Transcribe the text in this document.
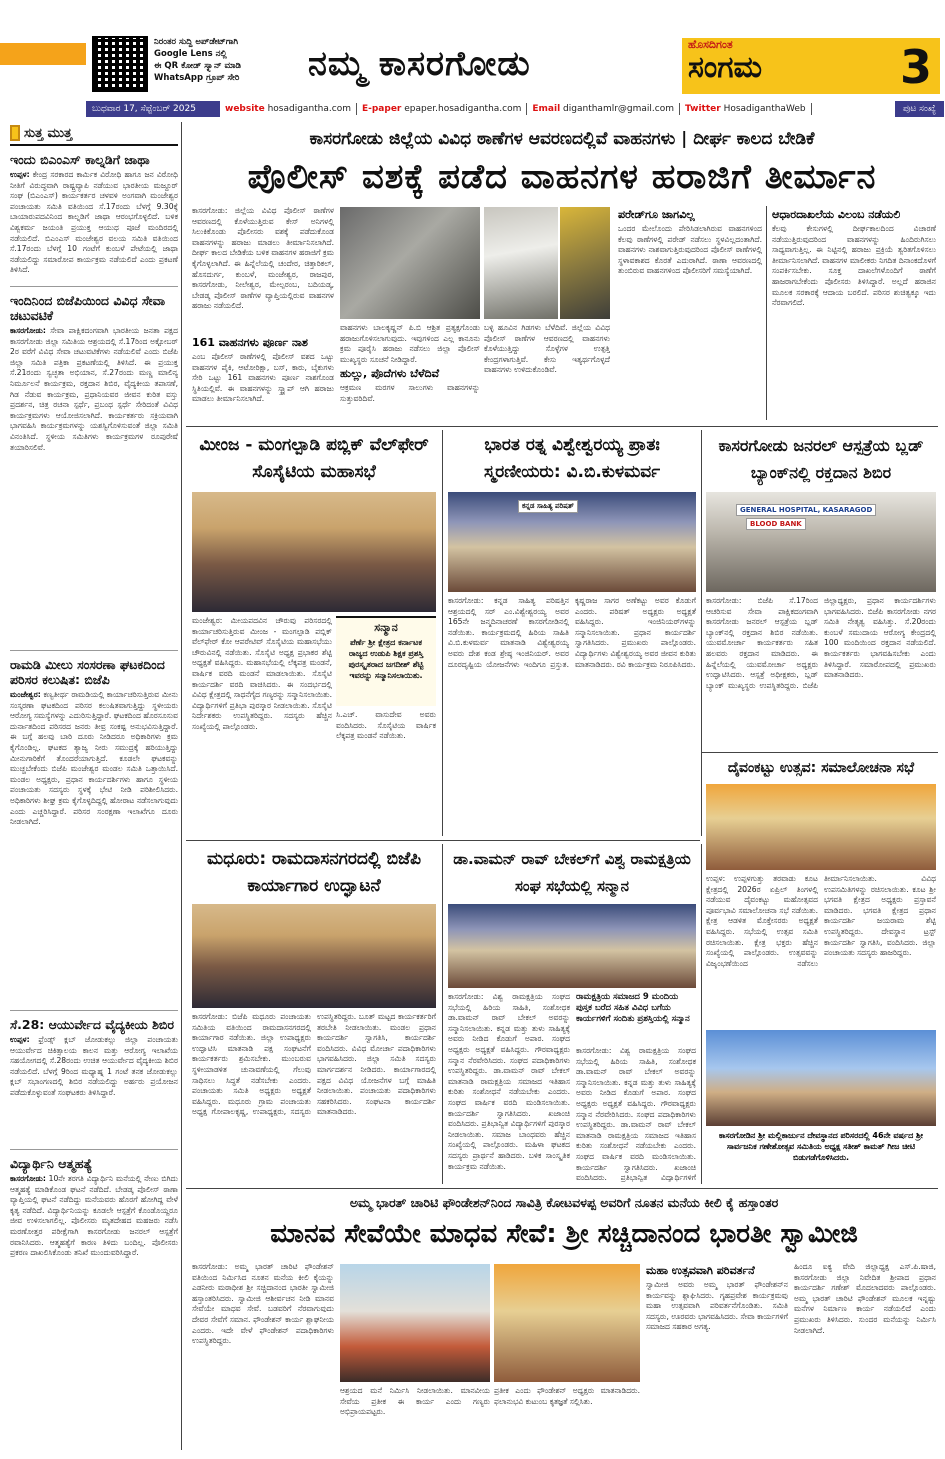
ನಿರಂತರ ಸುದ್ದಿ ಅಪ್‌ಡೇಟ್‌ಗಾಗಿ
Google Lens ನಲ್ಲಿ
ಈ QR ಕೋಡ್ ಸ್ಕ್ಯಾನ್ ಮಾಡಿ
WhatsApp ಗ್ರೂಪ್ ಸೇರಿ	ನಮ್ಮ ಕಾಸರಗೋಡು	ಹೊಸದಿಗಂತ
ಸಂಗಮ	3
ಬುಧವಾರ 17, ಸೆಪ್ಟೆಂಬರ್ 2025	website hosadigantha.com	E-paper epaper.hosadigantha.com	Email diganthamlr@gmail.com	Twitter HosadiganthaWeb	ಪುಟ ಸಂಖ್ಯೆ
ಸುತ್ತ ಮುತ್ತ
ಇಂದು ಬಿಎಂಎಸ್ ಕಾಲ್ನಡಿಗೆ ಜಾಥಾ

ಉಪ್ಪಳ: ಕೇಂದ್ರ ಸರಕಾರದ ಕಾರ್ಮಿಕ ವಿರೋಧಿ ಹಾಗೂ ಜನ ವಿರೋಧಿ ನೀತಿಗೆ ವಿರುದ್ಧವಾಗಿ ರಾಷ್ಟ್ರವ್ಯಾಪಿ ನಡೆಯುವ ಭಾರತೀಯ ಮಜ್ದೂರ್ ಸಂಘ (ಬಿಎಂಎಸ್) ಕಾರ್ಯಕರ್ತರ ಚಳವಳಿ ಅಂಗವಾಗಿ ಮಂಜೇಶ್ವರ ಪಂಚಾಯತು ಸಮಿತಿ ವತಿಯಿಂದ ಸೆ.17ರಂದು ಬೆಳಗ್ಗೆ 9.30ಕ್ಕೆ ಬಾಯಾರುಪದವಿನಿಂದ ಕಾಲ್ನಡಿಗೆ ಜಾಥಾ ಆರಂಭಗೊಳ್ಳಲಿದೆ. ಬಳಿಕ ವಿಶ್ವಕರ್ಮ ಜಯಂತಿ ಪ್ರಯುಕ್ತ ಆಯುಧ ಪೂಜೆ ಮಂದಿರದಲ್ಲಿ ನಡೆಯಲಿದೆ. ಬಿಎಂಎಸ್ ಮಂಜೇಶ್ವರ ವಲಯ ಸಮಿತಿ ವತಿಯಿಂದ ಸೆ.17ರಂದು ಬೆಳಗ್ಗೆ 10 ಗಂಟೆಗೆ ಕುಂಬಳೆ ಪೇಟೆಯಲ್ಲಿ ಜಾಥಾ ನಡೆಯಲಿದ್ದು ಸಮಾರೋಪ ಕಾರ್ಯಕ್ರಮ ನಡೆಯಲಿದೆ ಎಂದು ಪ್ರಕಟಣೆ ತಿಳಿಸಿದೆ.

ಇಂದಿನಿಂದ ಬಿಜೆಪಿಯಿಂದ ವಿವಿಧ ಸೇವಾ ಚಟುವಟಿಕೆ

ಕಾಸರಗೋಡು: ಸೇವಾ ಪಾಕ್ಷಿಕದಂಗವಾಗಿ ಭಾರತೀಯ ಜನತಾ ಪಕ್ಷದ ಕಾಸರಗೋಡು ಜಿಲ್ಲಾ ಸಮಿತಿಯ ಆಶ್ರಯದಲ್ಲಿ ಸೆ.17ರಿಂದ ಅಕ್ಟೋಬರ್ 2ರ ವರೆಗೆ ವಿವಿಧ ಸೇವಾ ಚಟುವಟಿಕೆಗಳು ನಡೆಯಲಿವೆ ಎಂದು ಬಿಜೆಪಿ ಜಿಲ್ಲಾ ಸಮಿತಿ ಪತ್ರಿಕಾ ಪ್ರಕಟಣೆಯಲ್ಲಿ ತಿಳಿಸಿದೆ. ಈ ಪ್ರಯುಕ್ತ ಸೆ.21ರಂದು ಸ್ವಚ್ಛತಾ ಅಭಿಯಾನ, ಸೆ.27ರಂದು ಮಣ್ಣ ಮಾಲಿನ್ಯ ನಿರ್ಮೂಲನೆ ಕಾರ್ಯಕ್ರಮ, ರಕ್ತದಾನ ಶಿಬಿರ, ವೈದ್ಯಕೀಯ ತಪಾಸಣೆ, ಗಿಡ ನೆಡುವ ಕಾರ್ಯಕ್ರಮ, ಪ್ರಧಾನಿಯವರ ಜೀವನ ಕುರಿತ ವಸ್ತು ಪ್ರದರ್ಶನ, ಚಿತ್ರ ರಚನಾ ಸ್ಪರ್ಧೆ, ಪ್ರಬಂಧ ಸ್ಪರ್ಧೆ ಸೇರಿದಂತೆ ವಿವಿಧ ಕಾರ್ಯಕ್ರಮಗಳು ಆಯೋಜಿಸಲಾಗಿದೆ. ಕಾರ್ಯಕರ್ತರು ಸಕ್ರಿಯವಾಗಿ ಭಾಗವಹಿಸಿ ಕಾರ್ಯಕ್ರಮಗಳನ್ನು ಯಶಸ್ವಿಗೊಳಿಸುವಂತೆ ಜಿಲ್ಲಾ ಸಮಿತಿ ವಿನಂತಿಸಿದೆ. ಸ್ಥಳೀಯ ಸಮಿತಿಗಳು ಕಾರ್ಯಕ್ರಮಗಳ ರೂಪುರೇಷೆ ತಯಾರಿಸಲಿವೆ.

ರಾಮಡಿ ಮೀಲು ಸಂಸರಣಾ ಘಟಕದಿಂದ ಪರಿಸರ ಕಲುಷಿತ: ಬಿಜೆಪಿ

ಮಂಜೇಶ್ವರ: ಕಣ್ವತೀರ್ಥ ರಾಮಡಿಯಲ್ಲಿ ಕಾರ್ಯಾಚರಿಸುತ್ತಿರುವ ಮೀನು ಸಂಸ್ಕರಣಾ ಘಟಕದಿಂದ ಪರಿಸರ ಕಲುಷಿತವಾಗುತ್ತಿದ್ದು ಸ್ಥಳೀಯರು ಆರೋಗ್ಯ ಸಮಸ್ಯೆಗಳನ್ನು ಎದುರಿಸುತ್ತಿದ್ದಾರೆ. ಘಟಕದಿಂದ ಹೊರಸೂಸುವ ದುರ್ನಾತದಿಂದ ಪರಿಸರದ ಜನರು ತೀವ್ರ ಸಂಕಷ್ಟ ಅನುಭವಿಸುತ್ತಿದ್ದಾರೆ. ಈ ಬಗ್ಗೆ ಹಲವು ಬಾರಿ ದೂರು ನೀಡಿದರೂ ಅಧಿಕಾರಿಗಳು ಕ್ರಮ ಕೈಗೊಂಡಿಲ್ಲ. ಘಟಕದ ತ್ಯಾಜ್ಯ ನೀರು ಸಮುದ್ರಕ್ಕೆ ಹರಿಯುತ್ತಿದ್ದು ಮೀನುಗಾರಿಕೆಗೆ ತೊಂದರೆಯಾಗುತ್ತಿದೆ. ಕೂಡಲೇ ಘಟಕವನ್ನು ಮುಚ್ಚಬೇಕೆಂದು ಬಿಜೆಪಿ ಮಂಜೇಶ್ವರ ಮಂಡಲ ಸಮಿತಿ ಒತ್ತಾಯಿಸಿದೆ. ಮಂಡಲ ಅಧ್ಯಕ್ಷರು, ಪ್ರಧಾನ ಕಾರ್ಯದರ್ಶಿಗಳು ಹಾಗೂ ಸ್ಥಳೀಯ ಪಂಚಾಯತು ಸದಸ್ಯರು ಸ್ಥಳಕ್ಕೆ ಭೇಟಿ ನೀಡಿ ಪರಿಶೀಲಿಸಿದರು. ಅಧಿಕಾರಿಗಳು ಶೀಘ್ರ ಕ್ರಮ ಕೈಗೊಳ್ಳದಿದ್ದಲ್ಲಿ ಹೋರಾಟ ನಡೆಸಲಾಗುವುದು ಎಂದು ಎಚ್ಚರಿಸಿದ್ದಾರೆ. ಪರಿಸರ ಸಂರಕ್ಷಣಾ ಇಲಾಖೆಗೂ ದೂರು ನೀಡಲಾಗಿದೆ.

ಸೆ.28: ಆಯುರ್ವೇದ ವೈದ್ಯಕೀಯ ಶಿಬಿರ

ಉಪ್ಪಳ: ಫ್ರೆಂಡ್ಸ್ ಕ್ಲಬ್ ಜೋಡುಕಲ್ಲು ಜಿಲ್ಲಾ ಪಂಚಾಯತು ಆಯುರ್ವೇದ ಚಿಕಿತ್ಸಾಲಯ ಕಾಲನ ಮತ್ತು ಆರೋಗ್ಯ ಇಲಾಖೆಯ ಸಹಯೋಗದಲ್ಲಿ ಸೆ.28ರಂದು ಉಚಿತ ಆಯುರ್ವೇದ ವೈದ್ಯಕೀಯ ಶಿಬಿರ ನಡೆಯಲಿದೆ. ಬೆಳಗ್ಗೆ 9ರಿಂದ ಮಧ್ಯಾಹ್ನ 1 ಗಂಟೆ ತನಕ ಜೋಡುಕಲ್ಲು ಕ್ಲಬ್ ಸಭಾಂಗಣದಲ್ಲಿ ಶಿಬಿರ ನಡೆಯಲಿದ್ದು ಅರ್ಹರು ಪ್ರಯೋಜನ ಪಡೆದುಕೊಳ್ಳುವಂತೆ ಸಂಘಟಕರು ತಿಳಿಸಿದ್ದಾರೆ.

ವಿದ್ಯಾರ್ಥಿನಿ ಆತ್ಮಹತ್ಯೆ

ಕಾಸರಗೋಡು: 10ನೇ ತರಗತಿ ವಿದ್ಯಾರ್ಥಿನಿ ಮನೆಯಲ್ಲಿ ನೇಣು ಬಿಗಿದು ಆತ್ಮಹತ್ಯೆ ಮಾಡಿಕೊಂಡ ಘಟನೆ ನಡೆದಿದೆ. ಬೇಡಡ್ಕ ಪೊಲೀಸ್ ಠಾಣಾ ವ್ಯಾಪ್ತಿಯಲ್ಲಿ ಘಟನೆ ನಡೆದಿದ್ದು ಮನೆಯವರು ಹೊರಗೆ ಹೋಗಿದ್ದ ವೇಳೆ ಕೃತ್ಯ ನಡೆದಿದೆ. ವಿದ್ಯಾರ್ಥಿನಿಯನ್ನು ಕೂಡಲೇ ಆಸ್ಪತ್ರೆಗೆ ಕೊಂಡೊಯ್ದರೂ ಜೀವ ಉಳಿಸಲಾಗಲಿಲ್ಲ. ಪೊಲೀಸರು ಮೃತದೇಹದ ಮಹಜರು ನಡೆಸಿ ಮರಣೋತ್ತರ ಪರೀಕ್ಷೆಗಾಗಿ ಕಾಸರಗೋಡು ಜನರಲ್ ಆಸ್ಪತ್ರೆಗೆ ರವಾನಿಸಿದರು. ಆತ್ಮಹತ್ಯೆಗೆ ಕಾರಣ ತಿಳಿದು ಬಂದಿಲ್ಲ. ಪೊಲೀಸರು ಪ್ರಕರಣ ದಾಖಲಿಸಿಕೊಂಡು ತನಿಖೆ ಮುಂದುವರಿಸಿದ್ದಾರೆ.

ಕಾಸರಗೋಡು ಜಿಲ್ಲೆಯ ವಿವಿಧ ಠಾಣೆಗಳ ಆವರಣದಲ್ಲಿವೆ ವಾಹನಗಳು | ದೀರ್ಘ ಕಾಲದ ಬೇಡಿಕೆ
ಪೊಲೀಸ್ ವಶಕ್ಕೆ ಪಡೆದ ವಾಹನಗಳ ಹರಾಜಿಗೆ ತೀರ್ಮಾನ
ಕಾಸರಗೋಡು: ಜಿಲ್ಲೆಯ ವಿವಿಧ ಪೊಲೀಸ್ ಠಾಣೆಗಳ ಆವರಣದಲ್ಲಿ ಕೊಳೆಯುತ್ತಿರುವ ಕೇಸ್ ಅನಿಗಳಲ್ಲಿ ಸಿಲುಕಿಕೊಂಡು ಪೊಲೀಸರು ವಶಕ್ಕೆ ಪಡೆದುಕೊಂಡ ವಾಹನಗಳನ್ನು ಹರಾಜು ಮಾಡಲು ತೀರ್ಮಾನಿಸಲಾಗಿದೆ. ದೀರ್ಘ ಕಾಲದ ಬೇಡಿಕೆಯ ಬಳಿಕ ವಾಹನಗಳ ಹರಾಜಿಗೆ ಕ್ರಮ ಕೈಗೊಳ್ಳಲಾಗಿದೆ. ಈ ಹಿನ್ನೆಲೆಯಲ್ಲಿ ಚಂದೇರ, ಚಿತ್ತಾರಿಕಲ್, ಹೊಸದುರ್ಗ, ಕುಂಬಳೆ, ಮಂಜೇಶ್ವರ, ರಾಜಪುರ, ಕಾಸರಗೋಡು, ನೀಲೇಶ್ವರ, ಮೇಲ್ಪರಂಬ, ಬದಿಯಡ್ಕ, ಬೇಡಡ್ಕ ಪೊಲೀಸ್ ಠಾಣೆಗಳ ವ್ಯಾಪ್ತಿಯಲ್ಲಿರುವ ವಾಹನಗಳ ಹರಾಜು ನಡೆಯಲಿದೆ.
161 ವಾಹನಗಳು ಪೂರ್ಣ ನಾಶ
ಎಂಬ ಪೊಲೀಸ್ ಠಾಣೆಗಳಲ್ಲಿ ಪೊಲೀಸ್ ವಶದ ಒಟ್ಟು ವಾಹನಗಳ ಪೈಕಿ, ಆಟೋರಿಕ್ಷಾ, ಬಸ್, ಕಾರು, ಬೈಕುಗಳು ಸೇರಿ ಒಟ್ಟು 161 ವಾಹನಗಳು ಪೂರ್ಣ ನಾಶಗೊಂಡ ಸ್ಥಿತಿಯಲ್ಲಿವೆ. ಈ ವಾಹನಗಳನ್ನು ಸ್ಕ್ರ್ಯಾಪ್ ಆಗಿ ಹರಾಜು ಮಾಡಲು ತೀರ್ಮಾನಿಸಲಾಗಿದೆ.
ವಾಹನಗಳು ಬಾಲಕೃಷ್ಣನ್ ಪಿ.ಬಿ ಆಶ್ರಿತ ಪ್ರತ್ಯಕ್ಷಗೊಂಡು ಹರಾಜುಗೊಳಿಸಲಾಗುವುದು. ಇವುಗಳಿಂದ ಎಲ್ಲ ಕಾನೂನು ಕ್ರಮ ಪೂರೈಸಿ ಹರಾಜು ನಡೆಸಲು ಜಿಲ್ಲಾ ಪೊಲೀಸ್ ಮುಖ್ಯಸ್ಥರು ಸೂಚನೆ ನೀಡಿದ್ದಾರೆ.
ಹುಲ್ಲು, ಪೊದೆಗಳು ಬೆಳೆದಿವೆ
ಆಕ್ರಮಣ ಮರಗಳ ಸಾಲುಗಳು ವಾಹನಗಳನ್ನು ಸುತ್ತುವರಿದಿವೆ.
ಬಳ್ಳಿ ಹೂವಿನ ಗಿಡಗಳು ಬೆಳೆದಿವೆ. ಜಿಲ್ಲೆಯ ವಿವಿಧ ಪೊಲೀಸ್ ಠಾಣೆಗಳ ಆವರಣದಲ್ಲಿ ವಾಹನಗಳು ಕೊಳೆಯುತ್ತಿದ್ದು ಸೊಳ್ಳೆಗಳ ಉತ್ಪತ್ತಿ ಕೇಂದ್ರಗಳಾಗುತ್ತಿವೆ. ಕೇಸು ಇತ್ಯರ್ಥಗೊಳ್ಳದೆ ವಾಹನಗಳು ಉಳಿದುಕೊಂಡಿವೆ.
ಪರೇಡ್‌ಗೂ ಜಾಗವಿಲ್ಲ
ಒಂದರ ಮೇಲೊಂದು ಪೇರಿಸಿಡಲಾಗಿರುವ ವಾಹನಗಳಿಂದ ಕೆಲವು ಠಾಣೆಗಳಲ್ಲಿ ಪರೇಡ್ ನಡೆಸಲು ಸ್ಥಳವಿಲ್ಲದಂತಾಗಿದೆ. ವಾಹನಗಳು ನಾಶವಾಗುತ್ತಿರುವುದರಿಂದ ಪೊಲೀಸ್ ಠಾಣೆಗಳಲ್ಲಿ ಸ್ಥಳಾವಕಾಶದ ಕೊರತೆ ಎದುರಾಗಿದೆ. ಠಾಣಾ ಆವರಣದಲ್ಲಿ ತುಂಬಿರುವ ವಾಹನಗಳಿಂದ ಪೊಲೀಸರಿಗೆ ಸಮಸ್ಯೆಯಾಗಿದೆ.
ಆಧಾರದಾಖಲೆಯ ವಿಲಂಬ ನಡೆಯಲಿ
ಕೆಲವು ಕೇಸುಗಳಲ್ಲಿ ದೀರ್ಘಕಾಲದಿಂದ ವಿಚಾರಣೆ ನಡೆಯುತ್ತಿರುವುದರಿಂದ ವಾಹನಗಳನ್ನು ಹಿಂದಿರುಗಿಸಲು ಸಾಧ್ಯವಾಗುತ್ತಿಲ್ಲ. ಈ ನಿಟ್ಟಿನಲ್ಲಿ ಹರಾಜು ಪ್ರಕ್ರಿಯೆ ತ್ವರಿತಗೊಳಿಸಲು ತೀರ್ಮಾನಿಸಲಾಗಿದೆ. ವಾಹನಗಳ ಮಾಲೀಕರು ನಿಗದಿತ ದಿನಾಂಕದೊಳಗೆ ಸಂಪರ್ಕಿಸಬೇಕು. ಸೂಕ್ತ ದಾಖಲೆಗಳೊಂದಿಗೆ ಠಾಣೆಗೆ ಹಾಜರಾಗಬೇಕೆಂದು ಪೊಲೀಸರು ತಿಳಿಸಿದ್ದಾರೆ. ಅಲ್ಲದೆ ಹರಾಜಿನ ಮೂಲಕ ಸರಕಾರಕ್ಕೆ ಆದಾಯ ಬರಲಿದೆ. ಪರಿಸರ ಶುಚಿತ್ವಕ್ಕೂ ಇದು ನೆರವಾಗಲಿದೆ.
ಮೀಂಜ - ಮಂಗಲ್ಪಾಡಿ ಪಬ್ಲಿಕ್ ವೆಲ್‌ಫೇರ್ ಸೊಸೈಟಿಯ ಮಹಾಸಭೆ
ಮಂಜೇಶ್ವರ: ಮೀಯಪದವಿನ ಚೌರುವು ಪರಿಸರದಲ್ಲಿ ಕಾರ್ಯಾಚರಿಸುತ್ತಿರುವ ಮೀಂಜ - ಮಂಗಲ್ಪಾಡಿ ಪಬ್ಲಿಕ್ ವೆಲ್‌ಫೇರ್ ಕೋ ಆಪರೇಟಿವ್ ಸೊಸೈಟಿಯ ಮಹಾಸಭೆಯು ಚೌರುವಿನಲ್ಲಿ ನಡೆಯಿತು. ಸೊಸೈಟಿ ಅಧ್ಯಕ್ಷ ಪ್ರಭಾಕರ ಶೆಟ್ಟಿ ಅಧ್ಯಕ್ಷತೆ ವಹಿಸಿದ್ದರು. ಮಹಾಸಭೆಯಲ್ಲಿ ಲೆಕ್ಕಪತ್ರ ಮಂಡನೆ, ವಾರ್ಷಿಕ ವರದಿ ಮಂಡನೆ ಮಾಡಲಾಯಿತು. ಸೊಸೈಟಿ ಕಾರ್ಯದರ್ಶಿ ವರದಿ ವಾಚಿಸಿದರು. ಈ ಸಂದರ್ಭದಲ್ಲಿ ವಿವಿಧ ಕ್ಷೇತ್ರದಲ್ಲಿ ಸಾಧನೆಗೈದ ಗಣ್ಯರನ್ನು ಸನ್ಮಾನಿಸಲಾಯಿತು. ವಿದ್ಯಾರ್ಥಿಗಳಿಗೆ ಪ್ರತಿಭಾ ಪುರಸ್ಕಾರ ನೀಡಲಾಯಿತು. ಸೊಸೈಟಿ ನಿರ್ದೇಶಕರು ಉಪಸ್ಥಿತರಿದ್ದರು. ಸದಸ್ಯರು ಹೆಚ್ಚಿನ ಸಂಖ್ಯೆಯಲ್ಲಿ ಪಾಲ್ಗೊಂಡರು.
ಸನ್ಮಾನ
ಪೆರ್ಣೆ ಶ್ರೀ ಕ್ಷೇತ್ರದ ಕರ್ನಾಟಕ ರಾಜ್ಯದ ಉಡುಪಿ ಶಿಕ್ಷಕ ಪ್ರಶಸ್ತಿ ಪುರಸ್ಕೃತರಾದ ಜಗದೀಶ್ ಶೆಟ್ಟಿ ಇವರನ್ನು ಸನ್ಮಾನಿಸಲಾಯಿತು.
ಸಿ.ಎಚ್. ವಾಸುದೇವ ಅವರು ವಂದಿಸಿದರು. ಸೊಸೈಟಿಯ ವಾರ್ಷಿಕ ಲೆಕ್ಕಪತ್ರ ಮಂಡನೆ ನಡೆಯಿತು.
ಭಾರತ ರತ್ನ ವಿಶ್ವೇಶ್ವರಯ್ಯ ಪ್ರಾತಃ ಸ್ಮರಣೀಯರು: ವಿ.ಬಿ.ಕುಳಮರ್ವ
ಕನ್ನಡ ಸಾಹಿತ್ಯ ಪರಿಷತ್
ಕಾಸರಗೋಡು: ಕನ್ನಡ ಸಾಹಿತ್ಯ ಪರಿಷತ್ತಿನ ಆಶ್ರಯದಲ್ಲಿ ಸರ್ ಎಂ.ವಿಶ್ವೇಶ್ವರಯ್ಯ ಅವರ 165ನೇ ಜನ್ಮದಿನಾಚರಣೆ ಕಾಸರಗೋಡಿನಲ್ಲಿ ನಡೆಯಿತು. ಕಾರ್ಯಕ್ರಮದಲ್ಲಿ ಹಿರಿಯ ಸಾಹಿತಿ ವಿ.ಬಿ.ಕುಳಮರ್ವ ಮಾತನಾಡಿ ವಿಶ್ವೇಶ್ವರಯ್ಯ ಅವರು ದೇಶ ಕಂಡ ಶ್ರೇಷ್ಠ ಇಂಜಿನಿಯರ್. ಅವರ ದೂರದೃಷ್ಟಿಯ ಯೋಜನೆಗಳು ಇಂದಿಗೂ ಪ್ರಸ್ತುತ. ಕೃಷ್ಣರಾಜ ಸಾಗರ ಅಣೆಕಟ್ಟು ಅವರ ಕೊಡುಗೆ ಎಂದರು. ಪರಿಷತ್ ಅಧ್ಯಕ್ಷರು ಅಧ್ಯಕ್ಷತೆ ವಹಿಸಿದ್ದರು. ಇಂಜಿನಿಯರ್‌ಗಳನ್ನು ಸನ್ಮಾನಿಸಲಾಯಿತು. ಪ್ರಧಾನ ಕಾರ್ಯದರ್ಶಿ ಸ್ವಾಗತಿಸಿದರು. ಪ್ರಮುಖರು ಪಾಲ್ಗೊಂಡರು. ವಿದ್ಯಾರ್ಥಿಗಳು ವಿಶ್ವೇಶ್ವರಯ್ಯ ಅವರ ಜೀವನ ಕುರಿತು ಮಾತನಾಡಿದರು. ರವಿ ಕಾರ್ಯಕ್ರಮ ನಿರೂಪಿಸಿದರು.
ಕಾಸರಗೋಡು ಜನರಲ್ ಆಸ್ಪತ್ರೆಯ ಬ್ಲಡ್ ಬ್ಯಾಂಕ್‌ನಲ್ಲಿ ರಕ್ತದಾನ ಶಿಬಿರ
GENERAL HOSPITAL, KASARAGOD
BLOOD BANK
ಕಾಸರಗೋಡು: ಬಿಜೆಪಿ ಸೆ.17ರಿಂದ ಆಚರಿಸುವ ಸೇವಾ ಪಾಕ್ಷಿಕದಂಗವಾಗಿ ಕಾಸರಗೋಡು ಜನರಲ್ ಆಸ್ಪತ್ರೆಯ ಬ್ಲಡ್ ಬ್ಯಾಂಕ್‌ನಲ್ಲಿ ರಕ್ತದಾನ ಶಿಬಿರ ನಡೆಯಿತು. ಯುವಮೋರ್ಚಾ ಕಾರ್ಯಕರ್ತರು ಸಹಿತ ಹಲವರು ರಕ್ತದಾನ ಮಾಡಿದರು. ಈ ಹಿನ್ನೆಲೆಯಲ್ಲಿ ಯುವಮೋರ್ಚಾ ಅಧ್ಯಕ್ಷರು ಉದ್ಘಾಟಿಸಿದರು. ಆಸ್ಪತ್ರೆ ಅಧೀಕ್ಷಕರು, ಬ್ಲಡ್ ಬ್ಯಾಂಕ್ ಮುಖ್ಯಸ್ಥರು ಉಪಸ್ಥಿತರಿದ್ದರು. ಬಿಜೆಪಿ ಜಿಲ್ಲಾಧ್ಯಕ್ಷರು, ಪ್ರಧಾನ ಕಾರ್ಯದರ್ಶಿಗಳು ಭಾಗವಹಿಸಿದರು. ಬಿಜೆಪಿ ಕಾಸರಗೋಡು ನಗರ ಸಮಿತಿ ನೇತೃತ್ವ ವಹಿಸಿತ್ತು. ಸೆ.20ರಂದು ಕುಂಬಳೆ ಸಮುದಾಯ ಆರೋಗ್ಯ ಕೇಂದ್ರದಲ್ಲಿ 100 ಮಂದಿಯಿಂದ ರಕ್ತದಾನ ನಡೆಯಲಿದೆ. ಕಾರ್ಯಕರ್ತರು ಭಾಗವಹಿಸಬೇಕು ಎಂದು ತಿಳಿಸಿದ್ದಾರೆ. ಸಮಾರೋಪದಲ್ಲಿ ಪ್ರಮುಖರು ಮಾತನಾಡಿದರು.
ದೈವಂಕಟ್ಟು ಉತ್ಸವ: ಸಮಾಲೋಚನಾ ಸಭೆ
ಉಪ್ಪಳ: ಉಪ್ಪಳಗುತ್ತು ತರವಾಡು ಕೂಟ ಕ್ಷೇತ್ರದಲ್ಲಿ 2026ರ ಏಪ್ರಿಲ್ ತಿಂಗಳಲ್ಲಿ ನಡೆಯುವ ದೈವಂಕಟ್ಟು ಮಹೋತ್ಸವದ ಪೂರ್ವಭಾವಿ ಸಮಾಲೋಚನಾ ಸಭೆ ನಡೆಯಿತು. ಕ್ಷೇತ್ರ ಆಡಳಿತ ಮೊಕ್ತೇಸರರು ಅಧ್ಯಕ್ಷತೆ ವಹಿಸಿದ್ದರು. ಸಭೆಯಲ್ಲಿ ಉತ್ಸವ ಸಮಿತಿ ರಚಿಸಲಾಯಿತು. ಕ್ಷೇತ್ರ ಭಕ್ತರು ಹೆಚ್ಚಿನ ಸಂಖ್ಯೆಯಲ್ಲಿ ಪಾಲ್ಗೊಂಡರು. ಉತ್ಸವವನ್ನು ವಿಜೃಂಭಣೆಯಿಂದ ನಡೆಸಲು ತೀರ್ಮಾನಿಸಲಾಯಿತು. ವಿವಿಧ ಉಪಸಮಿತಿಗಳನ್ನು ರಚಿಸಲಾಯಿತು. ಕೂಟ ಶ್ರೀ ಭಗವತಿ ಕ್ಷೇತ್ರದ ಅಧ್ಯಕ್ಷರು ಪ್ರಸ್ತಾವನೆ ಮಾಡಿದರು. ಭಗವತಿ ಕ್ಷೇತ್ರದ ಪ್ರಧಾನ ಕಾರ್ಯದರ್ಶಿ ಜಯರಾಮ ಶೆಟ್ಟಿ ಉಪಸ್ಥಿತರಿದ್ದರು. ದೇವಸ್ಥಾನ ಟ್ರಸ್ಟ್ ಕಾರ್ಯದರ್ಶಿ ಸ್ವಾಗತಿಸಿ, ವಂದಿಸಿದರು. ಜಿಲ್ಲಾ ಪಂಚಾಯತು ಸದಸ್ಯರು ಹಾಜರಿದ್ದರು.
ಕಾಸರಗೋಡಿನ ಶ್ರೀ ಮಲ್ಲಿಕಾರ್ಜುನ ದೇವಸ್ಥಾನದ ಪರಿಸರದಲ್ಲಿ 46ನೇ ವರ್ಷದ ಶ್ರೀ ಸಾರ್ವಜನಿಕ ಗಣೇಶೋತ್ಸವ ಸಮಿತಿಯ ಅಧ್ಯಕ್ಷ ಸತೀಶ್ ಕಾಮತ್ ಗೀಜ ಚೀಟಿ ಬಿಡುಗಡೆಗೊಳಿಸಿದರು.
ಮಧೂರು: ರಾಮದಾಸನಗರದಲ್ಲಿ ಬಿಜೆಪಿ ಕಾರ್ಯಾಗಾರ ಉದ್ಘಾಟನೆ
ಕಾಸರಗೋಡು: ಬಿಜೆಪಿ ಮಧೂರು ಪಂಚಾಯತು ಸಮಿತಿಯ ವತಿಯಿಂದ ರಾಮದಾಸನಗರದಲ್ಲಿ ಕಾರ್ಯಾಗಾರ ನಡೆಯಿತು. ಜಿಲ್ಲಾ ಉಪಾಧ್ಯಕ್ಷರು ಉದ್ಘಾಟಿಸಿ ಮಾತನಾಡಿ ಪಕ್ಷ ಸಂಘಟನೆಗೆ ಕಾರ್ಯಕರ್ತರು ಶ್ರಮಿಸಬೇಕು. ಮುಂಬರುವ ಸ್ಥಳೀಯಾಡಳಿತ ಚುನಾವಣೆಯಲ್ಲಿ ಗೆಲುವು ಸಾಧಿಸಲು ಸಿದ್ಧತೆ ನಡೆಸಬೇಕು ಎಂದರು. ಪಂಚಾಯತು ಸಮಿತಿ ಅಧ್ಯಕ್ಷರು ಅಧ್ಯಕ್ಷತೆ ವಹಿಸಿದ್ದರು. ಮಧೂರು ಗ್ರಾಮ ಪಂಚಾಯತು ಅಧ್ಯಕ್ಷ ಗೋಪಾಲಕೃಷ್ಣ, ಉಪಾಧ್ಯಕ್ಷರು, ಸದಸ್ಯರು ಉಪಸ್ಥಿತರಿದ್ದರು. ಬೂತ್ ಮಟ್ಟದ ಕಾರ್ಯಕರ್ತರಿಗೆ ತರಬೇತಿ ನೀಡಲಾಯಿತು. ಮಂಡಲ ಪ್ರಧಾನ ಕಾರ್ಯದರ್ಶಿ ಸ್ವಾಗತಿಸಿ, ಕಾರ್ಯದರ್ಶಿ ವಂದಿಸಿದರು. ವಿವಿಧ ಮೋರ್ಚಾ ಪದಾಧಿಕಾರಿಗಳು ಭಾಗವಹಿಸಿದರು. ಜಿಲ್ಲಾ ಸಮಿತಿ ಸದಸ್ಯರು ಮಾರ್ಗದರ್ಶನ ನೀಡಿದರು. ಕಾರ್ಯಾಗಾರದಲ್ಲಿ ಪಕ್ಷದ ವಿವಿಧ ಯೋಜನೆಗಳ ಬಗ್ಗೆ ಮಾಹಿತಿ ನೀಡಲಾಯಿತು. ಪಂಚಾಯತು ಪದಾಧಿಕಾರಿಗಳು ಸಹಕರಿಸಿದರು. ಸಂಘಟನಾ ಕಾರ್ಯದರ್ಶಿ ಮಾತನಾಡಿದರು.
ಡಾ.ವಾಮನ್ ರಾವ್ ಬೇಕಲ್‌ಗೆ ವಿಶ್ವ ರಾಮಕ್ಷತ್ರಿಯ ಸಂಘ ಸಭೆಯಲ್ಲಿ ಸನ್ಮಾನ
ಕಾಸರಗೋಡು: ವಿಶ್ವ ರಾಮಕ್ಷತ್ರಿಯ ಸಂಘದ ಸಭೆಯಲ್ಲಿ ಹಿರಿಯ ಸಾಹಿತಿ, ಸಂಶೋಧಕ ಡಾ.ವಾಮನ್ ರಾವ್ ಬೇಕಲ್ ಅವರನ್ನು ಸನ್ಮಾನಿಸಲಾಯಿತು. ಕನ್ನಡ ಮತ್ತು ತುಳು ಸಾಹಿತ್ಯಕ್ಕೆ ಅವರು ನೀಡಿದ ಕೊಡುಗೆ ಅಪಾರ. ಸಂಘದ ಅಧ್ಯಕ್ಷರು ಅಧ್ಯಕ್ಷತೆ ವಹಿಸಿದ್ದರು. ಗೌರವಾಧ್ಯಕ್ಷರು ಸನ್ಮಾನ ನೆರವೇರಿಸಿದರು. ಸಂಘದ ಪದಾಧಿಕಾರಿಗಳು ಉಪಸ್ಥಿತರಿದ್ದರು. ಡಾ.ವಾಮನ್ ರಾವ್ ಬೇಕಲ್ ಮಾತನಾಡಿ ರಾಮಕ್ಷತ್ರಿಯ ಸಮಾಜದ ಇತಿಹಾಸ ಕುರಿತು ಸಂಶೋಧನೆ ನಡೆಯಬೇಕು ಎಂದರು. ಸಂಘದ ವಾರ್ಷಿಕ ವರದಿ ಮಂಡಿಸಲಾಯಿತು. ಕಾರ್ಯದರ್ಶಿ ಸ್ವಾಗತಿಸಿದರು. ಖಜಾಂಚಿ ವಂದಿಸಿದರು. ಪ್ರತಿಭಾನ್ವಿತ ವಿದ್ಯಾರ್ಥಿಗಳಿಗೆ ಪುರಸ್ಕಾರ ನೀಡಲಾಯಿತು. ಸಮಾಜ ಬಾಂಧವರು ಹೆಚ್ಚಿನ ಸಂಖ್ಯೆಯಲ್ಲಿ ಪಾಲ್ಗೊಂಡರು. ಮಹಿಳಾ ಘಟಕದ ಸದಸ್ಯರು ಪ್ರಾರ್ಥನೆ ಹಾಡಿದರು. ಬಳಿಕ ಸಾಂಸ್ಕೃತಿಕ ಕಾರ್ಯಕ್ರಮ ನಡೆಯಿತು.
ರಾಮಕ್ಷತ್ರಿಯ ಸಮಾಜದ 9 ಮಂದಿಯ ಪುಸ್ತಕ ಬರೆದ ಸಹಿತ ವಿವಿಧ ಬಗೆಯ ಕಾರ್ಯಗಳಿಗೆ ಸಂದಿತು ಪ್ರಶಸ್ತಿಯಲ್ಲಿ ಸನ್ಮಾನ
ಕಾಸರಗೋಡು: ವಿಶ್ವ ರಾಮಕ್ಷತ್ರಿಯ ಸಂಘದ ಸಭೆಯಲ್ಲಿ ಹಿರಿಯ ಸಾಹಿತಿ, ಸಂಶೋಧಕ ಡಾ.ವಾಮನ್ ರಾವ್ ಬೇಕಲ್ ಅವರನ್ನು ಸನ್ಮಾನಿಸಲಾಯಿತು. ಕನ್ನಡ ಮತ್ತು ತುಳು ಸಾಹಿತ್ಯಕ್ಕೆ ಅವರು ನೀಡಿದ ಕೊಡುಗೆ ಅಪಾರ. ಸಂಘದ ಅಧ್ಯಕ್ಷರು ಅಧ್ಯಕ್ಷತೆ ವಹಿಸಿದ್ದರು. ಗೌರವಾಧ್ಯಕ್ಷರು ಸನ್ಮಾನ ನೆರವೇರಿಸಿದರು. ಸಂಘದ ಪದಾಧಿಕಾರಿಗಳು ಉಪಸ್ಥಿತರಿದ್ದರು. ಡಾ.ವಾಮನ್ ರಾವ್ ಬೇಕಲ್ ಮಾತನಾಡಿ ರಾಮಕ್ಷತ್ರಿಯ ಸಮಾಜದ ಇತಿಹಾಸ ಕುರಿತು ಸಂಶೋಧನೆ ನಡೆಯಬೇಕು ಎಂದರು. ಸಂಘದ ವಾರ್ಷಿಕ ವರದಿ ಮಂಡಿಸಲಾಯಿತು. ಕಾರ್ಯದರ್ಶಿ ಸ್ವಾಗತಿಸಿದರು. ಖಜಾಂಚಿ ವಂದಿಸಿದರು. ಪ್ರತಿಭಾನ್ವಿತ ವಿದ್ಯಾರ್ಥಿಗಳಿಗೆ
ಅಮ್ಮ ಭಾರತ್ ಚಾರಿಟಿ ಫೌಂಡೇಶನ್‌ನಿಂದ ಸಾವಿತ್ರಿ ಕೋಟವಳಪ್ಪ ಅವರಿಗೆ ನೂತನ ಮನೆಯ ಕೀಲಿ ಕೈ ಹಸ್ತಾಂತರ
ಮಾನವ ಸೇವೆಯೇ ಮಾಧವ ಸೇವೆ: ಶ್ರೀ ಸಚ್ಚಿದಾನಂದ ಭಾರತೀ ಸ್ವಾಮೀಜಿ
ಕಾಸರಗೋಡು: ಅಮ್ಮ ಭಾರತ್ ಚಾರಿಟಿ ಫೌಂಡೇಶನ್ ವತಿಯಿಂದ ನಿರ್ಮಿಸಿದ ನೂತನ ಮನೆಯ ಕೀಲಿ ಕೈಯನ್ನು ಎಡನೀರು ಮಠಾಧೀಶ ಶ್ರೀ ಸಚ್ಚಿದಾನಂದ ಭಾರತೀ ಸ್ವಾಮೀಜಿ ಹಸ್ತಾಂತರಿಸಿದರು. ಸ್ವಾಮೀಜಿ ಆಶೀರ್ವಚನ ನೀಡಿ ಮಾನವ ಸೇವೆಯೇ ಮಾಧವ ಸೇವೆ. ಬಡವರಿಗೆ ನೆರವಾಗುವುದು ದೇವರ ಸೇವೆಗೆ ಸಮಾನ. ಫೌಂಡೇಶನ್ ಕಾರ್ಯ ಶ್ಲಾಘನೀಯ ಎಂದರು. ಇದೇ ವೇಳೆ ಫೌಂಡೇಶನ್ ಪದಾಧಿಕಾರಿಗಳು ಉಪಸ್ಥಿತರಿದ್ದರು.
ಆಶ್ರಯದ ಮನೆ ನಿರ್ಮಿಸಿ ನೀಡಲಾಯಿತು. ಮಾನವೀಯ ಸೇವೆಯ ಪ್ರತೀಕ ಈ ಕಾರ್ಯ ಎಂದು ಗಣ್ಯರು ಅಭಿಪ್ರಾಯಪಟ್ಟರು.
ಪ್ರತೀಕ ಎಂದು ಫೌಂಡೇಶನ್ ಅಧ್ಯಕ್ಷರು ಮಾತನಾಡಿದರು. ಫಲಾನುಭವಿ ಕುಟುಂಬ ಕೃತಜ್ಞತೆ ಸಲ್ಲಿಸಿತು.
ಮಹಾ ಉತ್ಸವವಾಗಿ ಪರಿವರ್ತನೆ
ಸ್ವಾಮೀಜಿ ಅವರು ಅಮ್ಮ ಭಾರತ್ ಫೌಂಡೇಶನ್‌ನ ಕಾರ್ಯವನ್ನು ಶ್ಲಾಘಿಸಿದರು. ಗೃಹಪ್ರವೇಶ ಕಾರ್ಯಕ್ರಮವು ಮಹಾ ಉತ್ಸವವಾಗಿ ಪರಿವರ್ತನೆಗೊಂಡಿತು. ಸಮಿತಿ ಸದಸ್ಯರು, ಊರವರು ಭಾಗವಹಿಸಿದರು. ಸೇವಾ ಕಾರ್ಯಗಳಿಗೆ ಸಮಾಜದ ಸಹಕಾರ ಅಗತ್ಯ.
ಹಿಂದೂ ಐಕ್ಯ ವೇದಿ ಜಿಲ್ಲಾಧ್ಯಕ್ಷ ಎಸ್.ಪಿ.ಷಾಜಿ, ಕಾಸರಗೋಡು ಜಿಲ್ಲಾ ನಿವೇದಿತ ಶ್ರೀಪಾದ ಪ್ರಧಾನ ಕಾರ್ಯದರ್ಶಿ ಗಣೇಶ್ ಮೊದಲಾದವರು ಪಾಲ್ಗೊಂಡರು. ಅಮ್ಮ ಭಾರತ್ ಚಾರಿಟಿ ಫೌಂಡೇಶನ್ ಮೂಲಕ ಇನ್ನಷ್ಟು ಮನೆಗಳ ನಿರ್ಮಾಣ ಕಾರ್ಯ ನಡೆಯಲಿದೆ ಎಂದು ಪ್ರಮುಖರು ತಿಳಿಸಿದರು. ಸುಂದರ ಮನೆಯನ್ನು ನಿರ್ಮಿಸಿ ನೀಡಲಾಗಿದೆ.
